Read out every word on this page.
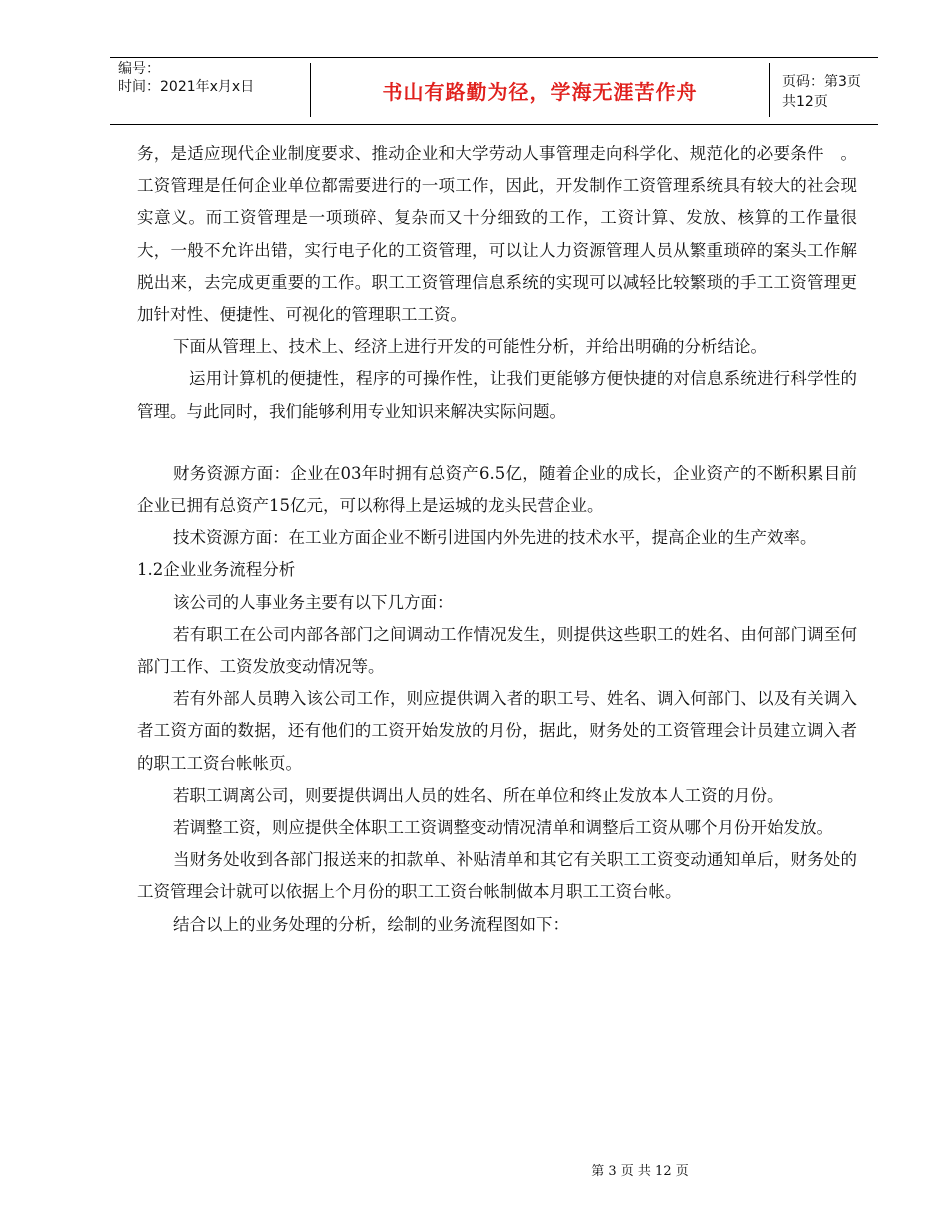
编号：
时间：2021年x月x日	书山有路勤为径，学海无涯苦作舟	页码：第3页 共12页

务，是适应现代企业制度要求、推动企业和大学劳动人事管理走向科学化、规范化的必要条件　。工资管理是任何企业单位都需要进行的一项工作，因此，开发制作工资管理系统具有较大的社会现实意义。而工资管理是一项琐碎、复杂而又十分细致的工作，工资计算、发放、核算的工作量很大，一般不允许出错，实行电子化的工资管理，可以让人力资源管理人员从繁重琐碎的案头工作解脱出来，去完成更重要的工作。职工工资管理信息系统的实现可以减轻比较繁琐的手工工资管理更加针对性、便捷性、可视化的管理职工工资。

下面从管理上、技术上、经济上进行开发的可能性分析，并给出明确的分析结论。

运用计算机的便捷性，程序的可操作性，让我们更能够方便快捷的对信息系统进行科学性的管理。与此同时，我们能够利用专业知识来解决实际问题。

财务资源方面：企业在03年时拥有总资产6.5亿，随着企业的成长，企业资产的不断积累目前企业已拥有总资产15亿元，可以称得上是运城的龙头民营企业。

技术资源方面：在工业方面企业不断引进国内外先进的技术水平，提高企业的生产效率。

1.2企业业务流程分析

该公司的人事业务主要有以下几方面：

若有职工在公司内部各部门之间调动工作情况发生，则提供这些职工的姓名、由何部门调至何部门工作、工资发放变动情况等。

若有外部人员聘入该公司工作，则应提供调入者的职工号、姓名、调入何部门、以及有关调入者工资方面的数据，还有他们的工资开始发放的月份，据此，财务处的工资管理会计员建立调入者的职工工资台帐帐页。

若职工调离公司，则要提供调出人员的姓名、所在单位和终止发放本人工资的月份。

若调整工资，则应提供全体职工工资调整变动情况清单和调整后工资从哪个月份开始发放。

当财务处收到各部门报送来的扣款单、补贴清单和其它有关职工工资变动通知单后，财务处的工资管理会计就可以依据上个月份的职工工资台帐制做本月职工工资台帐。

结合以上的业务处理的分析，绘制的业务流程图如下：

第 3 页 共 12 页
